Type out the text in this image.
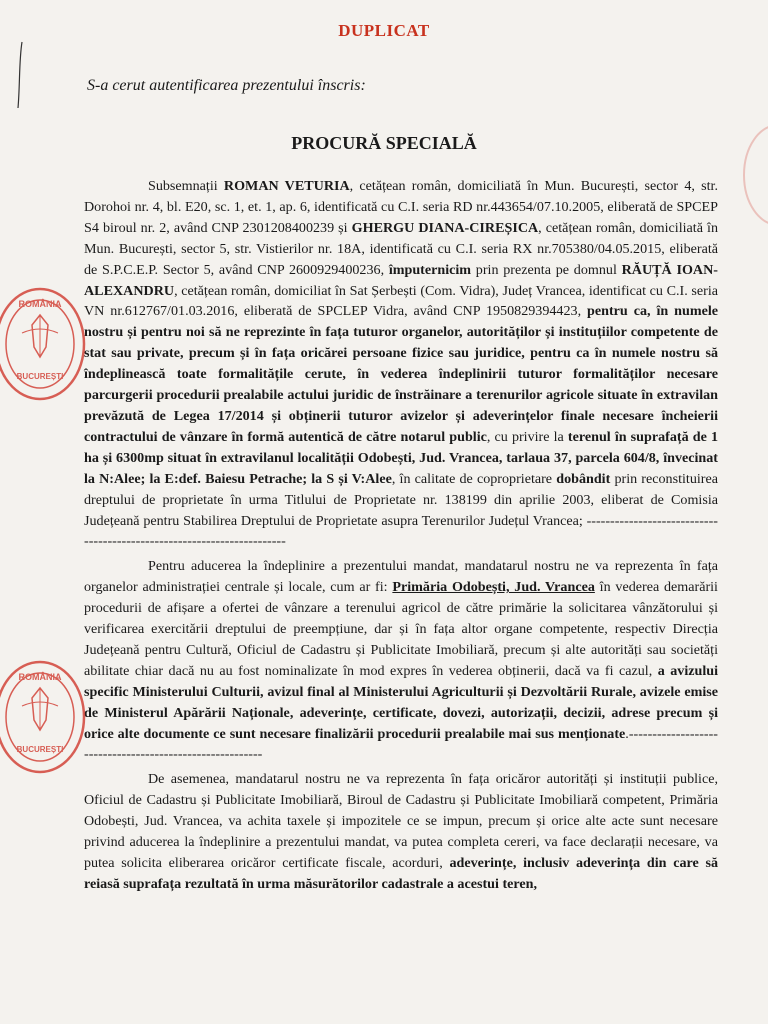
DUPLICAT
S-a cerut autentificarea prezentului înscris:
PROCURĂ SPECIALĂ

Subsemnații ROMAN VETURIA, cetățean român, domiciliată în Mun. București, sector 4, str. Dorohoi nr. 4, bl. E20, sc. 1, et. 1, ap. 6, identificată cu C.I. seria RD nr.443654/07.10.2005, eliberată de SPCEP S4 biroul nr. 2, având CNP 2301208400239 și GHERGU DIANA-CIREȘICA, cetățean român, domiciliată în Mun. București, sector 5, str. Vistierilor nr. 18A, identificată cu C.I. seria RX nr.705380/04.05.2015, eliberată de S.P.C.E.P. Sector 5, având CNP 2600929400236, împuternicim prin prezenta pe domnul RĂUȚĂ IOAN-ALEXANDRU, cetățean român, domiciliat în Sat Șerbești (Com. Vidra), Județ Vrancea, identificat cu C.I. seria VN nr.612767/01.03.2016, eliberată de SPCLEP Vidra, având CNP 1950829394423, pentru ca, în numele nostru și pentru noi să ne reprezinte în fața tuturor organelor, autorităților și instituțiilor competente de stat sau private, precum și în fața oricărei persoane fizice sau juridice, pentru ca în numele nostru să îndeplinească toate formalitățile cerute, în vederea îndeplinirii tuturor formalităților necesare parcurgerii procedurii prealabile actului juridic de înstrăinare a terenurilor agricole situate în extravilan prevăzută de Legea 17/2014 și obținerii tuturor avizelor și adeverințelor finale necesare încheierii contractului de vânzare în formă autentică de către notarul public, cu privire la terenul în suprafață de 1 ha și 6300mp situat în extravilanul localității Odobești, Jud. Vrancea, tarlaua 37, parcela 604/8, învecinat la N:Alee; la E:def. Baiesu Petrache; la S și V:Alee, în calitate de coproprietare dobândit prin reconstituirea dreptului de proprietate în urma Titlului de Proprietate nr. 138199 din aprilie 2003, eliberat de Comisia Județeană pentru Stabilirea Dreptului de Proprietate asupra Terenurilor Județul Vrancea; -----------------------------------------------------------------------

Pentru aducerea la îndeplinire a prezentului mandat, mandatarul nostru ne va reprezenta în fața organelor administrației centrale și locale, cum ar fi: Primăria Odobești, Jud. Vrancea în vederea demarării procedurii de afișare a ofertei de vânzare a terenului agricol de către primărie la solicitarea vânzătorului și verificarea exercitării dreptului de preempțiune, dar și în fața altor organe competente, respectiv Direcția Județeană pentru Cultură, Oficiul de Cadastru și Publicitate Imobiliară, precum și alte autorități sau societăți abilitate chiar dacă nu au fost nominalizate în mod expres în vederea obținerii, dacă va fi cazul, a avizului specific Ministerului Culturii, avizul final al Ministerului Agriculturii și Dezvoltării Rurale, avizele emise de Ministerul Apărării Naționale, adeverințe, certificate, dovezi, autorizații, decizii, adrese precum și orice alte documente ce sunt necesare finalizării procedurii prealabile mai sus menționate.---------------------------------------------------------

De asemenea, mandatarul nostru ne va reprezenta în fața oricăror autorități și instituții publice, Oficiul de Cadastru și Publicitate Imobiliară, Biroul de Cadastru și Publicitate Imobiliară competent, Primăria Odobești, Jud. Vrancea, va achita taxele și impozitele ce se impun, precum și orice alte acte sunt necesare privind aducerea la îndeplinire a prezentului mandat, va putea completa cereri, va face declarații necesare, va putea solicita eliberarea oricăror certificate fiscale, acorduri, adeverințe, inclusiv adeverința din care să reiasă suprafața rezultată în urma măsurătorilor cadastrale a acestui teren,

ROMÂNIA
BUCUREȘTI
ROMÂNIA
BUCUREȘTI
